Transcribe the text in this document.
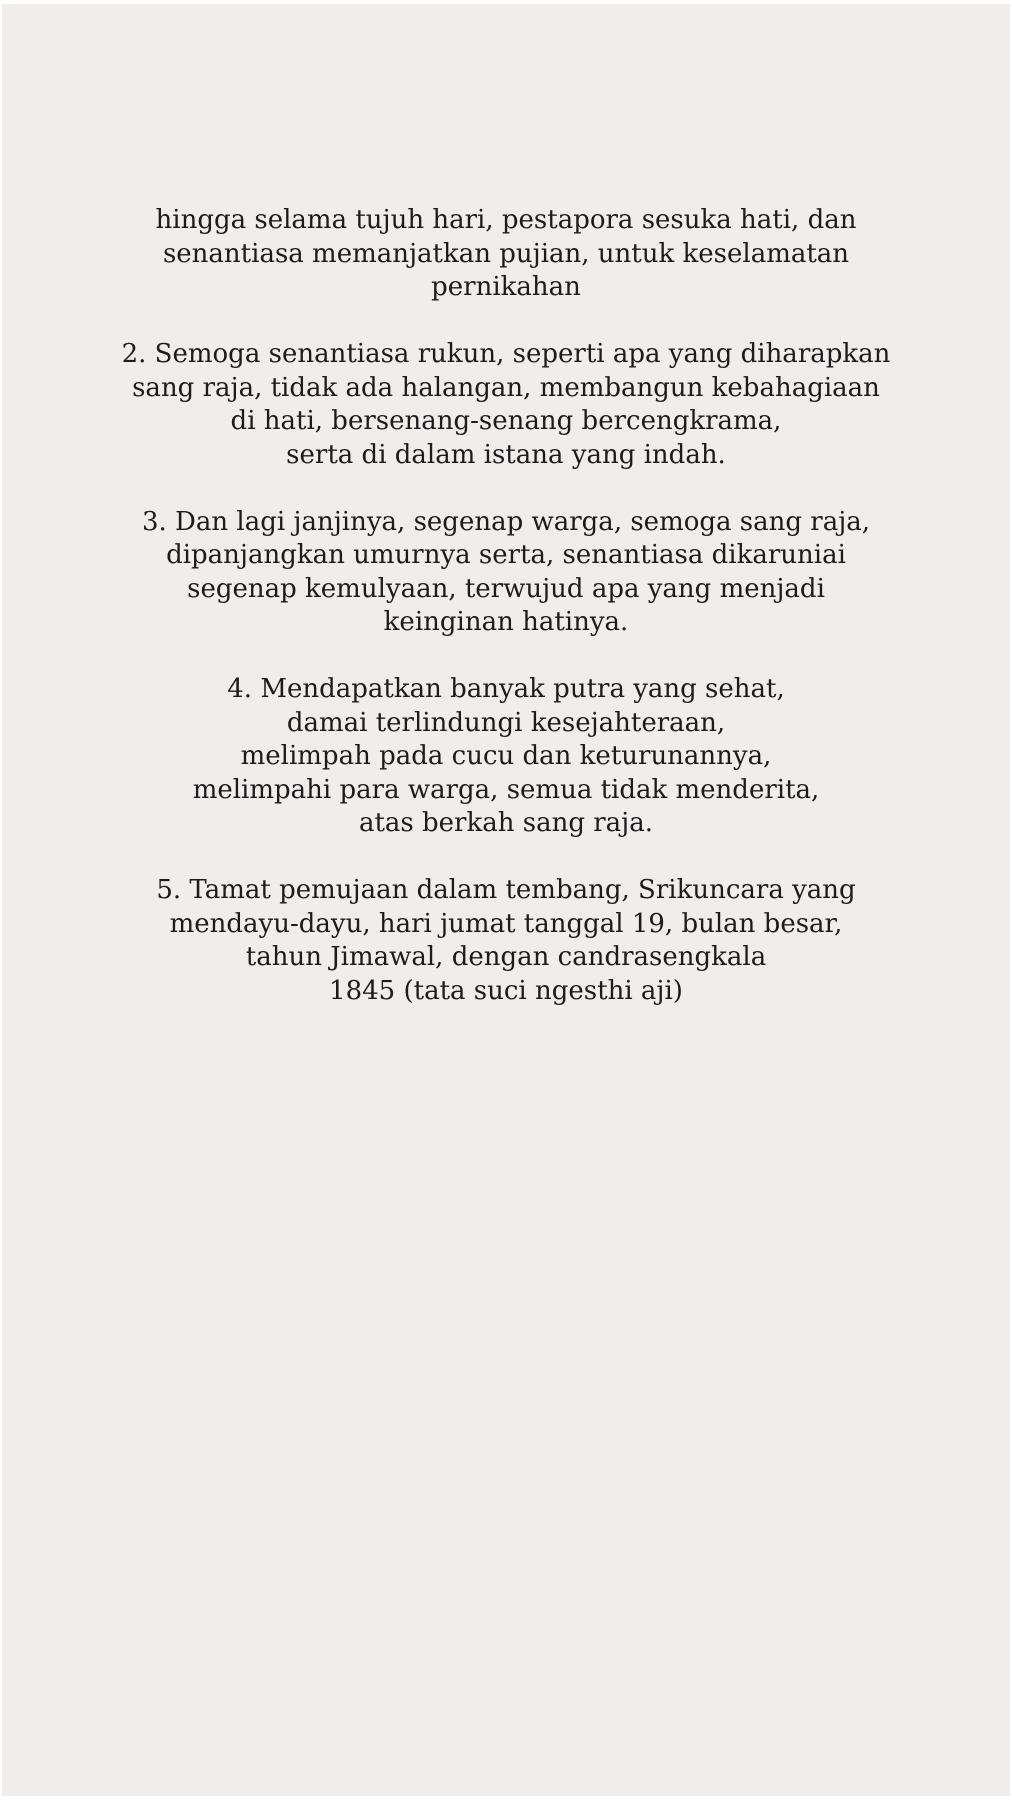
hingga selama tujuh hari, pestapora sesuka hati, dan
senantiasa memanjatkan pujian, untuk keselamatan
pernikahan
2. Semoga senantiasa rukun, seperti apa yang diharapkan
sang raja, tidak ada halangan, membangun kebahagiaan
di hati, bersenang-senang bercengkrama,
serta di dalam istana yang indah.
3. Dan lagi janjinya, segenap warga, semoga sang raja,
dipanjangkan umurnya serta, senantiasa dikaruniai
segenap kemulyaan, terwujud apa yang menjadi
keinginan hatinya.
4. Mendapatkan banyak putra yang sehat,
damai terlindungi kesejahteraan,
melimpah pada cucu dan keturunannya,
melimpahi para warga, semua tidak menderita,
atas berkah sang raja.
5. Tamat pemujaan dalam tembang, Srikuncara yang
mendayu-dayu, hari jumat tanggal 19, bulan besar,
tahun Jimawal, dengan candrasengkala
1845 (tata suci ngesthi aji)
